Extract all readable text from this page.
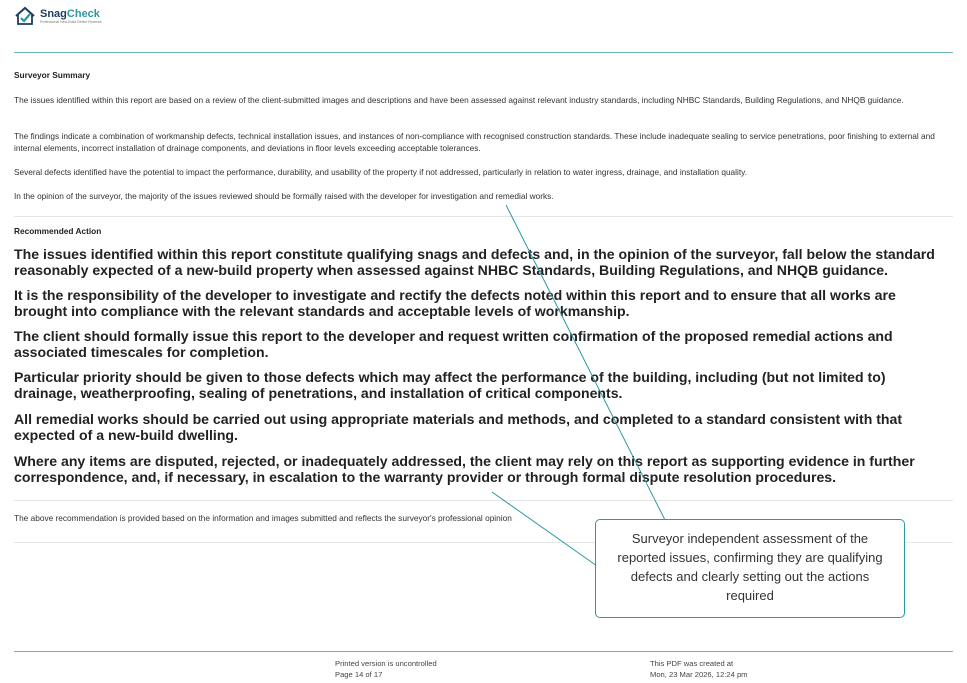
SnagCheck
Professional New-Build Defect Reviews
Surveyor Summary
The issues identified within this report are based on a review of the client-submitted images and descriptions and have been assessed against relevant industry standards, including NHBC Standards, Building Regulations, and NHQB guidance.
The findings indicate a combination of workmanship defects, technical installation issues, and instances of non-compliance with recognised construction standards. These include inadequate sealing to service penetrations, poor finishing to external and internal elements, incorrect installation of drainage components, and deviations in floor levels exceeding acceptable tolerances.
Several defects identified have the potential to impact the performance, durability, and usability of the property if not addressed, particularly in relation to water ingress, drainage, and installation quality.
In the opinion of the surveyor, the majority of the issues reviewed should be formally raised with the developer for investigation and remedial works.
Recommended Action
The issues identified within this report constitute qualifying snags and defects and, in the opinion of the surveyor, fall below the standard reasonably expected of a new-build property when assessed against NHBC Standards, Building Regulations, and NHQB guidance.
It is the responsibility of the developer to investigate and rectify the defects noted within this report and to ensure that all works are brought into compliance with the relevant standards and acceptable levels of workmanship.
The client should formally issue this report to the developer and request written confirmation of the proposed remedial actions and associated timescales for completion.
Particular priority should be given to those defects which may affect the performance of the building, including (but not limited to) drainage, weatherproofing, sealing of penetrations, and installation of critical components.
All remedial works should be carried out using appropriate materials and methods, and completed to a standard consistent with that expected of a new-build dwelling.
Where any items are disputed, rejected, or inadequately addressed, the client may rely on this report as supporting evidence in further correspondence, and, if necessary, in escalation to the warranty provider or through formal dispute resolution procedures.
The above recommendation is provided based on the information and images submitted and reflects the surveyor's professional opinion
Surveyor independent assessment of the reported issues, confirming they are qualifying defects and clearly setting out the actions required
Printed version is uncontrolled
Page 14 of 17
This PDF was created at
Mon, 23 Mar 2026, 12:24 pm
